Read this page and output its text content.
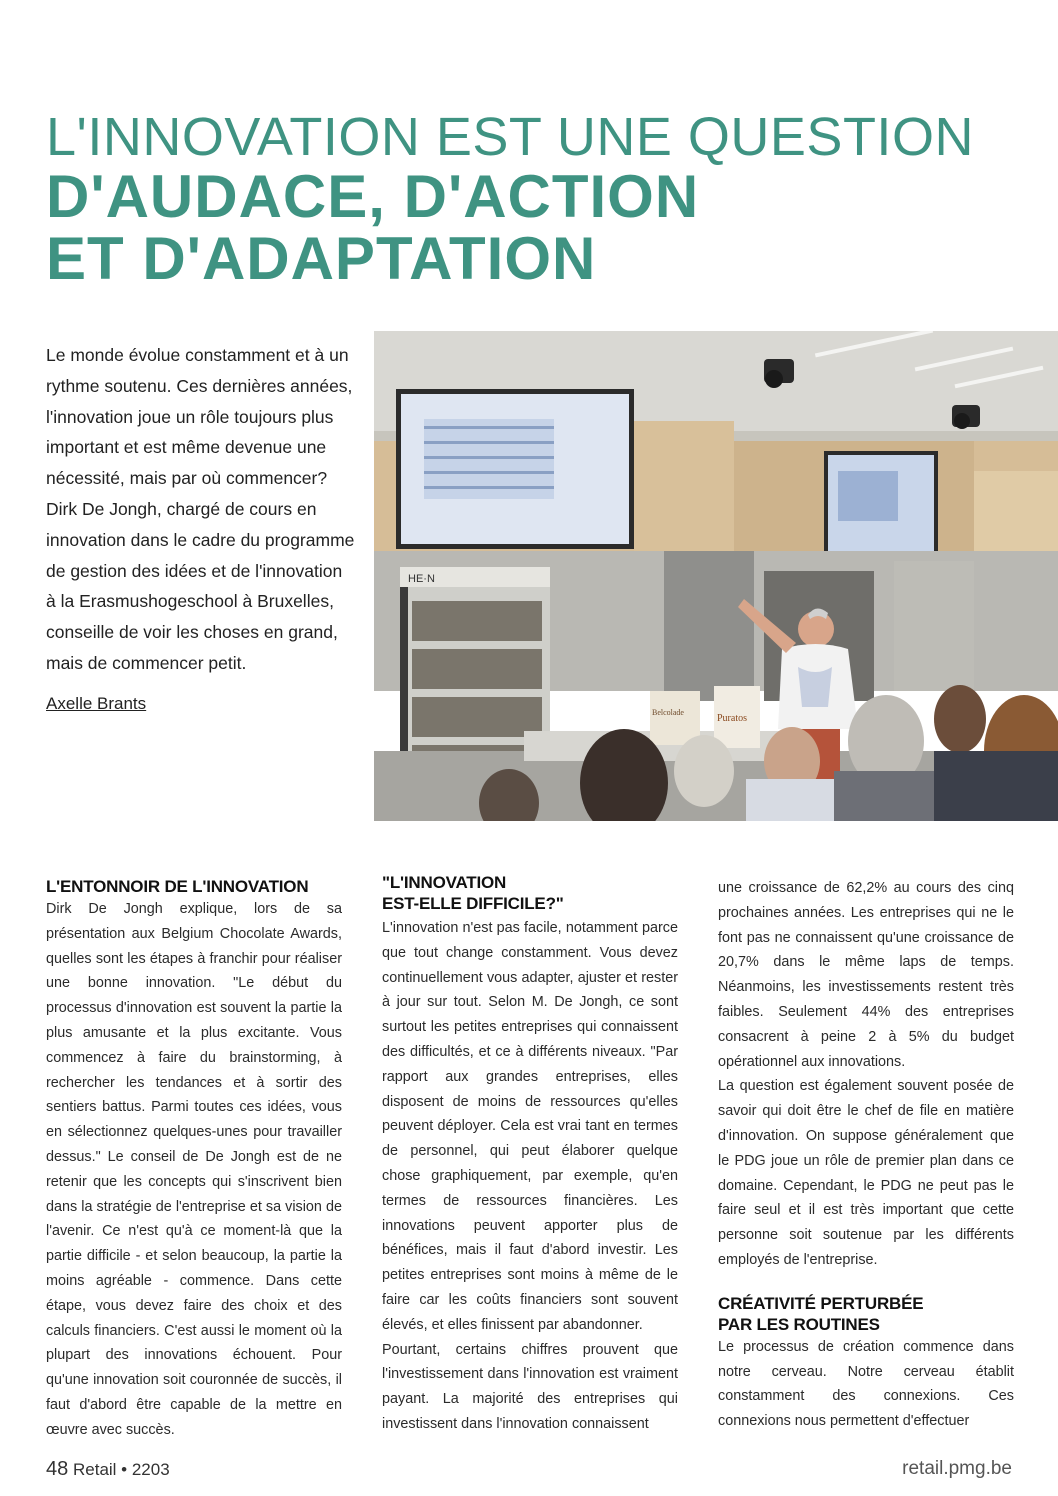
L'INNOVATION EST UNE QUESTION
D'AUDACE, D'ACTION
ET D'ADAPTATION
Le monde évolue constamment et à un rythme soutenu. Ces dernières années, l'innovation joue un rôle toujours plus important et est même devenue une nécessité, mais par où commencer? Dirk De Jongh, chargé de cours en innovation dans le cadre du programme de gestion des idées et de l'innovation à la Erasmushogeschool à Bruxelles, conseille de voir les choses en grand, mais de commencer petit.
Axelle Brants
HE·N
Puratos
Belcolade
L'ENTONNOIR DE L'INNOVATION

Dirk De Jongh explique, lors de sa présentation aux Belgium Chocolate Awards, quelles sont les étapes à franchir pour réaliser une bonne innovation. "Le début du processus d'innovation est souvent la partie la plus amusante et la plus excitante. Vous commencez à faire du brainstorming, à rechercher les tendances et à sortir des sentiers battus. Parmi toutes ces idées, vous en sélectionnez quelques-unes pour travailler dessus." Le conseil de De Jongh est de ne retenir que les concepts qui s'inscrivent bien dans la stratégie de l'entreprise et sa vision de l'avenir. Ce n'est qu'à ce moment-là que la partie difficile - et selon beaucoup, la partie la moins agréable - commence. Dans cette étape, vous devez faire des choix et des calculs financiers. C'est aussi le moment où la plupart des innovations échouent. Pour qu'une innovation soit couronnée de succès, il faut d'abord être capable de la mettre en œuvre avec succès.

"L'INNOVATION
EST-ELLE DIFFICILE?"

L'innovation n'est pas facile, notamment parce que tout change constamment. Vous devez continuellement vous adapter, ajuster et rester à jour sur tout. Selon M. De Jongh, ce sont surtout les petites entreprises qui connaissent des difficultés, et ce à différents niveaux. "Par rapport aux grandes entreprises, elles disposent de moins de ressources qu'elles peuvent déployer. Cela est vrai tant en termes de personnel, qui peut élaborer quelque chose graphiquement, par exemple, qu'en termes de ressources financières. Les innovations peuvent apporter plus de bénéfices, mais il faut d'abord investir. Les petites entreprises sont moins à même de le faire car les coûts financiers sont souvent élevés, et elles finissent par abandonner.

Pourtant, certains chiffres prouvent que l'investissement dans l'innovation est vraiment payant. La majorité des entreprises qui investissent dans l'innovation connaissent

une croissance de 62,2% au cours des cinq prochaines années. Les entreprises qui ne le font pas ne connaissent qu'une croissance de 20,7% dans le même laps de temps. Néanmoins, les investissements restent très faibles. Seulement 44% des entreprises consacrent à peine 2 à 5% du budget opérationnel aux innovations.

La question est également souvent posée de savoir qui doit être le chef de file en matière d'innovation. On suppose généralement que le PDG joue un rôle de premier plan dans ce domaine. Cependant, le PDG ne peut pas le faire seul et il est très important que cette personne soit soutenue par les différents employés de l'entreprise.

CRÉATIVITÉ PERTURBÉE
PAR LES ROUTINES

Le processus de création commence dans notre cerveau. Notre cerveau établit constamment des connexions. Ces connexions nous permettent d'effectuer

48 Retail • 2203	retail.pmg.be
